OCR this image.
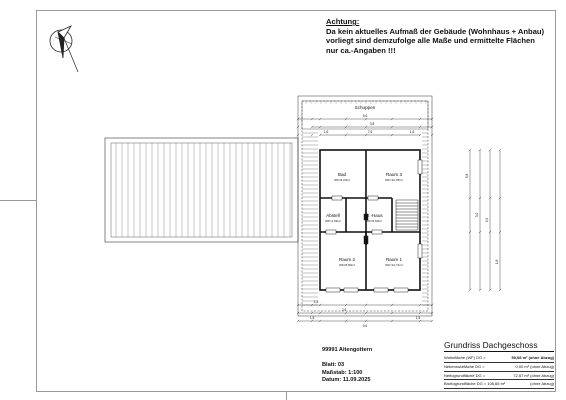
Schuppen
Bad
WF=8,20m²
Raum 3
WF=12,78m²
Abstell
WF=1,94m²
Tr.-Haus
WF=6,60m²
Raum 2
WF=8,80m²
Raum 1
WF=12,74m²
9,6
3,8
7,6
1,6	1,6
1,5
2,6
1,5	1,5
9,6
5,8
3,0
9,5
1,8
Achtung:
Da kein aktuelles Aufmaß der Gebäude (Wohnhaus + Anbau)
vorliegt sind demzufolge alle Maße und ermittelte Flächen
nur ca.-Angaben !!!
99991 Altengottern
Blatt: 03
Maßstab: 1:100
Datum: 11.09.2025
Grundriss Dachgeschoss
Wohnfläche (WF) DG =	50,08 m² (ohne Abzug)
Nebennutzfläche DG =	0,00 m² (ohne Abzug)
Nettogrundfläche DG =	72,57 m² (ohne Abzug)
Bruttogrundfläche DG = 106,65 m²	(ohne Abzug)
